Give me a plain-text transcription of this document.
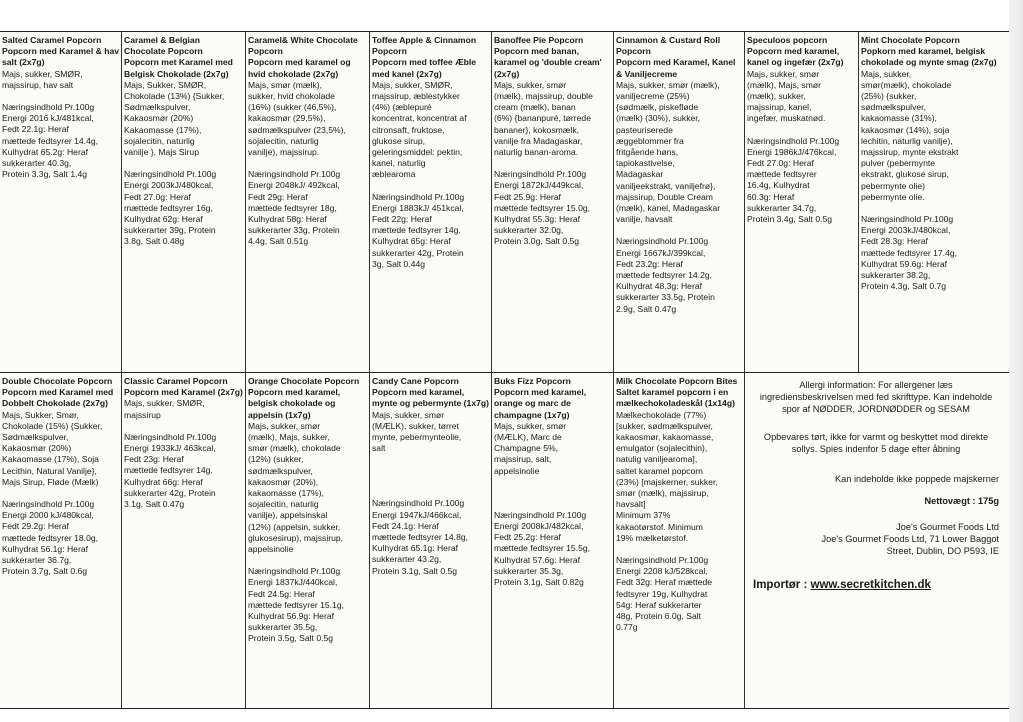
Salted Caramel Popcorn
Popcorn med Karamel & hav salt (2x7g)
Majs, sukker, SMØR,
majssirup, hav salt
Næringsindhold Pr.100g
Energi 2016 kJ/481kcal,
Fedt 22.1g: Heraf
mættede fedtsyrer 14.4g,
Kulhydrat 65.2g: Heraf
sukkerarter 40.3g,
Protein 3.3g, Salt 1.4g
Caramel & Belgian Chocolate Popcorn
Popcorn met Karamel med Belgisk Chokolade (2x7g)
Majs, Sukker, SMØR,
Chokolade (13%) {Sukker,
Sødmælkspulver,
Kakaosmør (20%)
Kakaomasse (17%),
sojalecitin, naturlig
vanilje }, Majs Sirup
Næringsindhold Pr.100g
Energi 2003kJ/480kcal,
Fedt 27.0g: Heraf
mættede fedtsyrer 16g,
Kulhydrat 62g: Heraf
sukkerarter 39g, Protein
3.8g, Salt 0.48g
Caramel& White Chocolate Popcorn
Popcorn med karamel og hvid chokolade (2x7g)
Majs, smør (mælk),
sukker, hvid chokolade
(16%) (sukker (46,5%),
kakaosmør (29,5%),
sødmælkspulver (23,5%),
sojalecitin, naturlig
vanilje), majssirup.
Næringsindhold Pr.100g
Energi 2048kJ/ 492kcal,
Fedt 29g: Heraf
mættede fedtsyrer 18g,
Kulhydrat 58g: Heraf
sukkerarter 33g, Protein
4.4g, Salt 0.51g
Toffee Apple & Cinnamon Popcorn
Popcorn med toffee Æble med kanel (2x7g)
Majs, sukker, SMØR,
majssirup, æblestykker
(4%) (æblepuré
koncentrat, koncentrat af
citronsaft, fruktose,
glukose sirup,
geleringsmiddel: pektin,
kanel, naturlig
æblearoma
Næringsindhold Pr.100g
Energi 1883kJ/ 451kcal,
Fedt 22g: Heraf
mættede fedtsyrer 14g,
Kulhydrat 65g: Heraf
sukkerarter 42g, Protein
3g, Salt 0.44g
Banoffee Pie Popcorn
Popcorn med banan, karamel og 'double cream' (2x7g)
Majs, sukker, smør
(mælk), majssirup, double
cream (mælk), banan
(6%) {bananpuré, tørrede
bananer}, kokosmælk,
vanilje fra Madagaskar,
naturlig banan-aroma.
Næringsindhold Pr.100g
Energi 1872kJ/449kcal,
Fedt 25.9g: Heraf
mættede fedtsyrer 15.0g,
Kulhydrat 55.3g: Heraf
sukkerarter 32.0g,
Protein 3.0g, Salt 0.5g
Cinnamon & Custard Roll Popcorn
Popcorn med Karamel, Kanel & Vaniljecreme
Majs, sukker, smør (mælk),
vaniljecreme (25%)
{sødmælk, piskefløde
(mælk) (30%), sukker,
pasteuriserede
æggeblommer fra
fritgående høns,
tapiokastivelse,
Madagaskar
vaniljeekstrakt, vaniljefrø},
majssirup, Double Cream
(mælk), kanel, Madagaskar
vanilje, havsalt
Næringsindhold Pr.100g
Energi 1667kJ/399kcal,
Fedt 23.2g: Heraf
mættede fedtsyrer 14.2g,
Kulhydrat 48.3g: Heraf
sukkerarter 33.5g, Protein
2.9g, Salt 0.47g
Speculoos popcorn
Popcorn med karamel, kanel og ingefær (2x7g)
Majs, sukker, smør
(mælk), Majs, smør
(mælk), sukker,
majssirup, kanel,
ingefær, muskatnød.
Næringsindhold Pr.100g
Energi 1986kJ/476kcal,
Fedt 27.0g: Heraf
mættede fedtsyrer
16.4g, Kulhydrat
60.3g: Heraf
sukkerarter 34.7g,
Protein 3.4g, Salt 0.5g
Mint Chocolate Popcorn
Popkorn med karamel, belgisk chokolade og mynte smag (2x7g)
Majs, sukker,
smør(mælk), chokolade
(25%) {sukker,
sødmælkspulver,
kakaomasse (31%),
kakaosmør (14%), soja
lechitin, naturlig vanilje),
majssirup, mynte ekstrakt
pulver (pebermynte
ekstrakt, glukose sirup,
pebermynte olie)
pebermynte olie.
Næringsindhold Pr.100g
Energi 2003kJ/480kcal,
Fedt 28.3g: Heraf
mættede fedtsyrer 17.4g,
Kulhydrat 59.6g: Heraf
sukkerarter 38.2g,
Protein 4.3g, Salt 0.7g
Double Chocolate Popcorn
Popcorn med Karamel med Dobbelt Chokolade (2x7g)
Majs, Sukker, Smør,
Chokolade (15%) {Sukker,
Sødmælkspulver,
Kakaosmør (20%)
Kakaomasse (17%), Soja
Lecithin, Natural Vanilje},
Majs Sirup, Fløde (Mælk)
Næringsindhold Pr.100g
Energi 2000 kJ/480kcal,
Fedt 29.2g: Heraf
mættede fedtsyrer 18.0g,
Kulhydrat 56.1g: Heraf
sukkerarter 36.7g,
Protein 3.7g, Salt 0.6g
Classic Caramel Popcorn
Popcorn med Karamel (2x7g)
Majs, sukker, SMØR,
majssirup
Næringsindhold Pr.100g
Energi 1933kJ/ 463kcal,
Fedt 23g: Heraf
mættede fedtsyrer 14g,
Kulhydrat 66g: Heraf
sukkerarter 42g, Protein
3.1g, Salt 0.47g
Orange Chocolate Popcorn
Popcorn med karamel, belgisk chokolade og appelsin (1x7g)
Majs, sukker, smør
(mælk), Majs, sukker,
smør (mælk), chokolade
(12%) (sukker,
sødmælkspulver,
kakaosmør (20%),
kakaomasse (17%),
sojalecitin, naturlig
vanilje), appelsinskal
(12%) (appelsin, sukker,
glukosesirup), majssirup,
appelsinolie
Næringsindhold Pr.100g
Energi 1837kJ/440kcal,
Fedt 24.5g: Heraf
mættede fedtsyrer 15.1g,
Kulhydrat 56.9g: Heraf
sukkerarter 35.5g,
Protein 3.5g, Salt 0.5g
Candy Cane Popcorn
Popcorn med karamel, mynte og pebermynte (1x7g)
Majs, sukker, smør
(MÆLK), sukker, tørret
mynte, pebermynteolie,
salt
Næringsindhold Pr.100g
Energi 1947kJ/466kcal,
Fedt 24.1g: Heraf
mættede fedtsyrer 14.8g,
Kulhydrat 65.1g: Heraf
sukkerarter 43.2g,
Protein 3.1g, Salt 0.5g
Buks Fizz Popcorn
Popcorn med karamel, orange og marc de champagne (1x7g)
Majs, sukker, smør
(MÆLK), Marc de
Champagne 5%,
majssirup, salt,
appelsinolie
Næringsindhold Pr.100g
Energi 2008kJ/482kcal,
Fedt 25.2g: Heraf
mættede fedtsyrer 15.5g,
Kulhydrat 57.6g: Heraf
sukkerarter 35.3g,
Protein 3.1g, Salt 0.82g
Milk Chocolate Popcorn Bites
Saltet karamel popcorn i en mælkechokoladeskål (1x14g)
Mælkechokolade (77%)
[sukker, sødmælkspulver,
kakaosmør, kakaomasse,
emulgator (sojalecithin),
natulig vaniljearoma],
saltet karamel popcorn
(23%) [majskerner, sukker,
smør (mælk), majssirup,
havsalt]
Minimum 37%
kakaotørstof. Minimum
19% mælketørstof.
Næringsindhold Pr.100g
Energi 2208 kJ/528kcal,
Fedt 32g: Heraf mættede
fedtsyrer 19g, Kulhydrat
54g: Heraf sukkerarter
48g, Protein 6.0g, Salt
0.77g
Allergi information: For allergener læs ingrediensbeskrivelsen med fed skrifttype. Kan indeholde spor af NØDDER, JORDNØDDER og SESAM
Opbevares tørt, ikke for varmt og beskyttet mod direkte sollys. Spies indenfor 5 dage efter åbning
Kan indeholde ikke poppede majskerner
Nettovægt : 175g
Joe's Gourmet Foods Ltd
Joe's Gourmet Foods Ltd, 71 Lower Baggot
Street, Dublin, DO P593, IE
Importør : www.secretkitchen.dk
